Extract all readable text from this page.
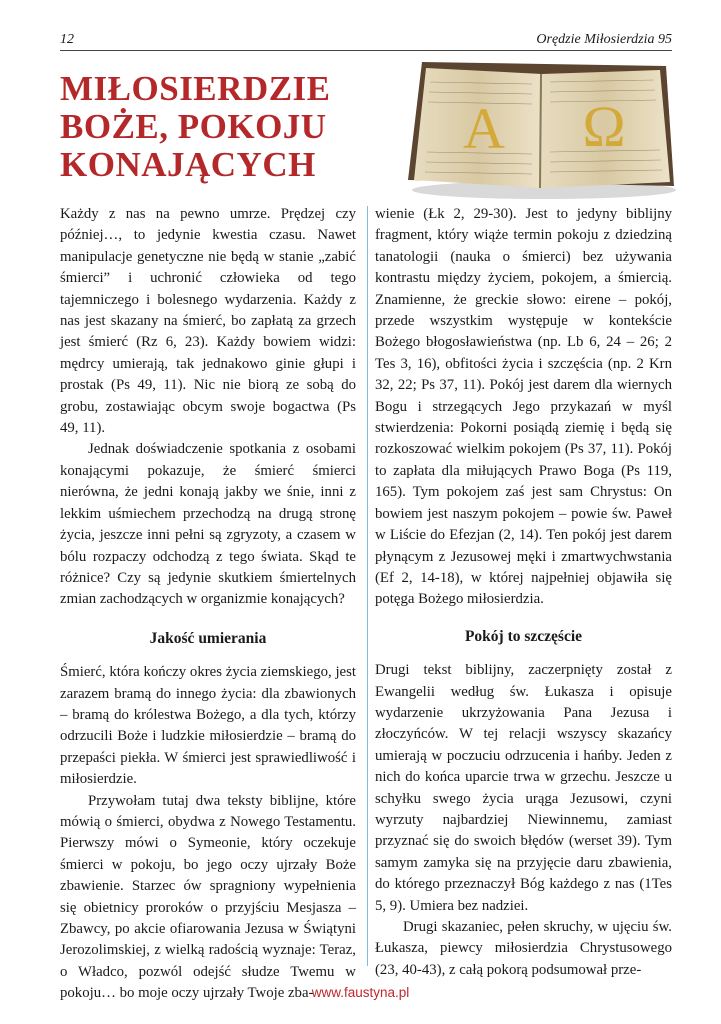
12	Orędzie Miłosierdzia 95
MIŁOSIERDZIE
BOŻE, POKOJU
KONAJĄCYCH
A Ω

Każdy z nas na pewno umrze. Prędzej czy później…, to jedynie kwestia czasu. Nawet manipulacje genetyczne nie będą w stanie „zabić śmierci” i uchronić człowieka od tego tajemniczego i bolesnego wydarzenia. Każdy z nas jest skazany na śmierć, bo zapłatą za grzech jest śmierć (Rz 6, 23). Każdy bowiem widzi: mędrcy umierają, tak jednakowo ginie głupi i prostak (Ps 49, 11). Nic nie biorą ze sobą do grobu, zostawiając obcym swoje bogactwa (Ps 49, 11).

Jednak doświadczenie spotkania z osobami konającymi pokazuje, że śmierć śmierci nierówna, że jedni konają jakby we śnie, inni z lekkim uśmiechem przechodzą na drugą stronę życia, jeszcze inni pełni są zgryzoty, a czasem w bólu rozpaczy odchodzą z tego świata. Skąd te różnice? Czy są jedynie skutkiem śmiertelnych zmian zachodzących w organizmie konających?

Jakość umierania

Śmierć, która kończy okres życia ziemskiego, jest zarazem bramą do innego życia: dla zbawionych – bramą do królestwa Bożego, a dla tych, którzy odrzucili Boże i ludzkie miłosierdzie – bramą do przepaści piekła. W śmierci jest sprawiedliwość i miłosierdzie.

Przywołam tutaj dwa teksty biblijne, które mówią o śmierci, obydwa z Nowego Testamentu. Pierwszy mówi o Symeonie, który oczekuje śmierci w pokoju, bo jego oczy ujrzały Boże zbawienie. Starzec ów spragniony wypełnienia się obietnicy proroków o przyjściu Mesjasza – Zbawcy, po akcie ofiarowania Jezusa w Świątyni Jerozolimskiej, z wielką radością wyznaje: Teraz, o Władco, pozwól odejść słudze Twemu w pokoju… bo moje oczy ujrzały Twoje zba-

wienie (Łk 2, 29-30). Jest to jedyny biblijny fragment, który wiąże termin pokoju z dziedziną tanatologii (nauka o śmierci) bez używania kontrastu między życiem, pokojem, a śmiercią. Znamienne, że greckie słowo: eirene – pokój, przede wszystkim występuje w kontekście Bożego błogosławieństwa (np. Lb 6, 24 – 26; 2 Tes 3, 16), obfitości życia i szczęścia (np. 2 Krn 32, 22; Ps 37, 11). Pokój jest darem dla wiernych Bogu i strzegących Jego przykazań w myśl stwierdzenia: Pokorni posiądą ziemię i będą się rozkoszować wielkim pokojem (Ps 37, 11). Pokój to zapłata dla miłujących Prawo Boga (Ps 119, 165). Tym pokojem zaś jest sam Chrystus: On bowiem jest naszym pokojem – powie św. Paweł w Liście do Efezjan (2, 14). Ten pokój jest darem płynącym z Jezusowej męki i zmartwychwstania (Ef 2, 14-18), w której najpełniej objawiła się potęga Bożego miłosierdzia.

Pokój to szczęście

Drugi tekst biblijny, zaczerpnięty został z Ewangelii według św. Łukasza i opisuje wydarzenie ukrzyżowania Pana Jezusa i złoczyńców. W tej relacji wszyscy skazańcy umierają w poczuciu odrzucenia i hańby. Jeden z nich do końca uparcie trwa w grzechu. Jeszcze u schyłku swego życia urąga Jezusowi, czyni wyrzuty najbardziej Niewinnemu, zamiast przyznać się do swoich błędów (werset 39). Tym samym zamyka się na przyjęcie daru zbawienia, do którego przeznaczył Bóg każdego z nas (1Tes 5, 9). Umiera bez nadziei.

Drugi skazaniec, pełen skruchy, w ujęciu św. Łukasza, piewcy miłosierdzia Chrystusowego (23, 40-43), z całą pokorą podsumował prze-

www.faustyna.pl
